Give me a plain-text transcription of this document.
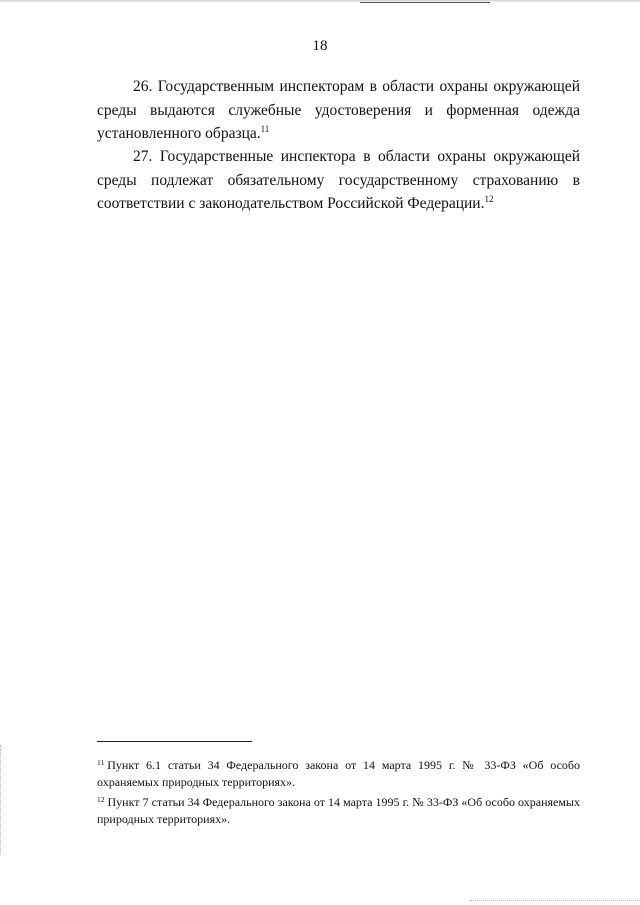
18

26. Государственным инспекторам в области охраны окружающей среды выдаются служебные удостоверения и форменная одежда установленного образца.$^{11}$

27. Государственные инспектора в области охраны окружающей среды подлежат обязательному государственному страхованию в соответствии с законодательством Российской Федерации.$^{12}$

$^{11}$ Пункт 6.1 статьи 34 Федерального закона от 14 марта 1995 г. № 33-ФЗ «Об особо охраняемых природных территориях».

$^{12}$ Пункт 7 статьи 34 Федерального закона от 14 марта 1995 г. № 33-ФЗ «Об особо охраняемых природных территориях».
